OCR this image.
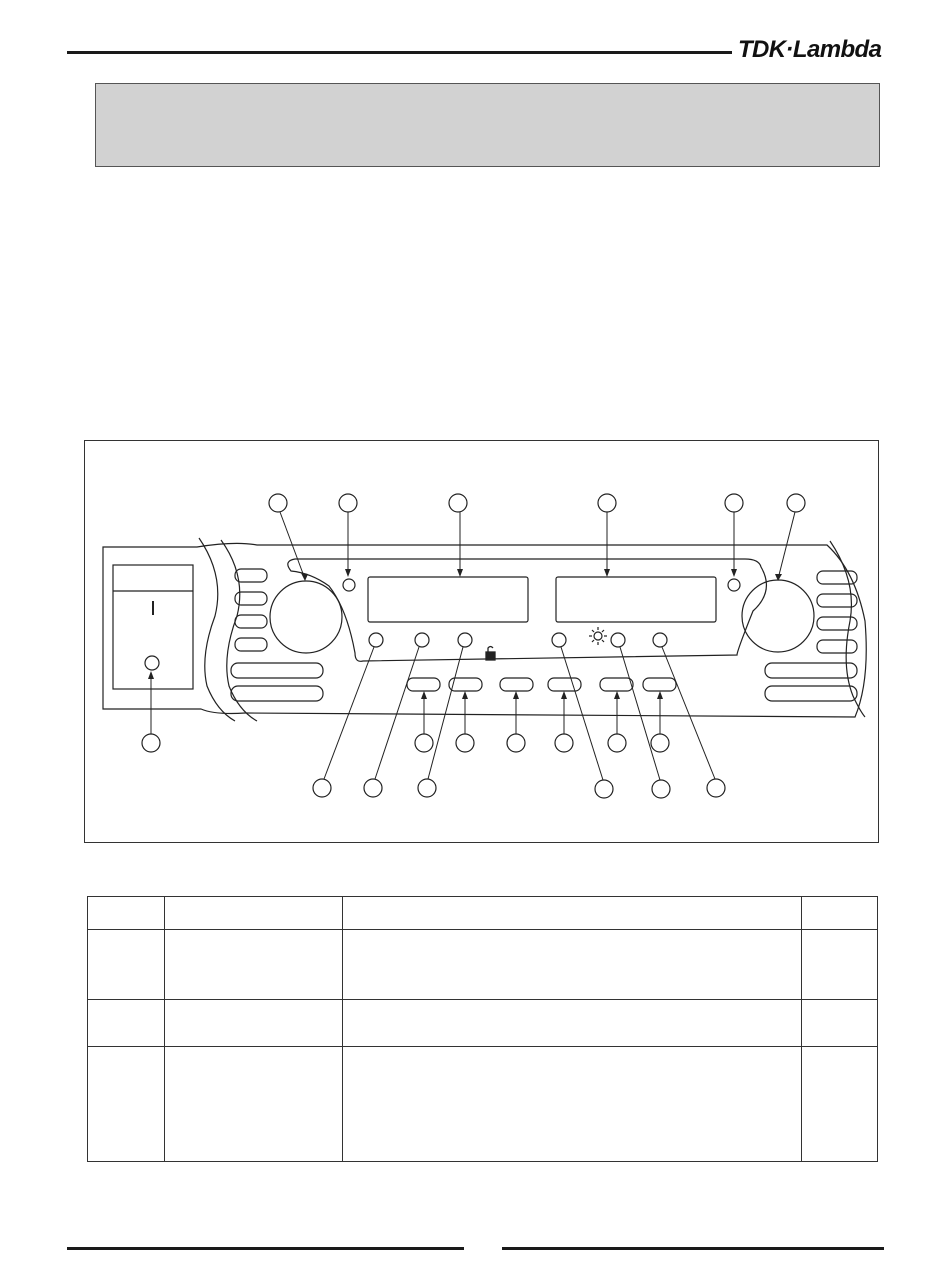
TDK·Lambda
